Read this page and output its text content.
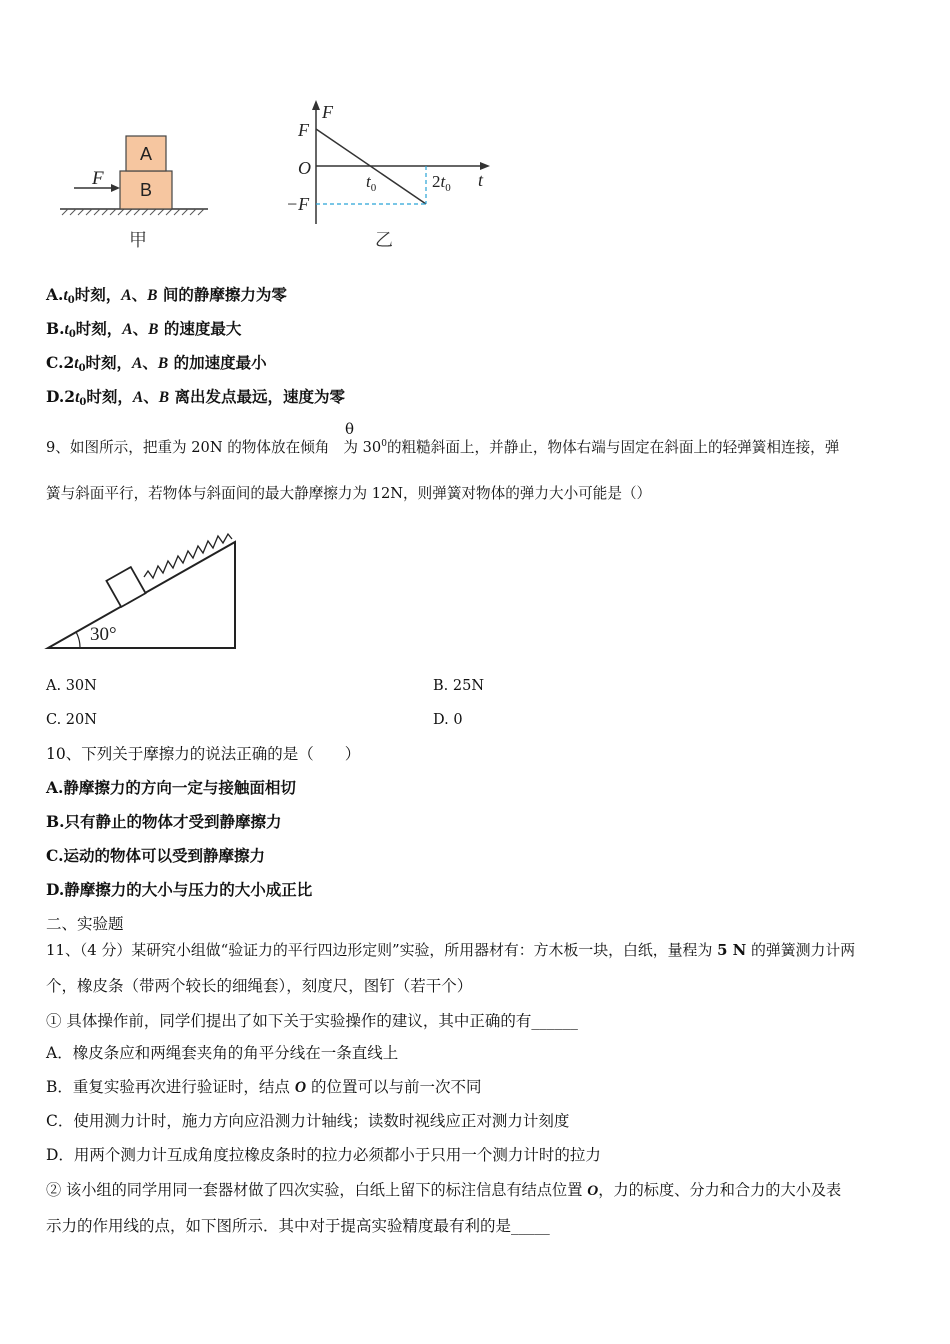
A
B
F
甲
F
F
O
−F
$t_0$	$2t_0$ t
乙
$A.t_0$时刻，A、B 间的静摩擦力为零
$B.t_0$时刻，A、B 的速度最大
$C.2t_0$时刻，A、B 的加速度最小
$D.2t_0$时刻，A、B 离出发点最远，速度为零
θ
9、如图所示，把重为 20N 的物体放在倾角 为 $30^0$的粗糙斜面上，并静止，物体右端与固定在斜面上的轻弹簧相连接，弹
簧与斜面平行，若物体与斜面间的最大静摩擦力为 12N，则弹簧对物体的弹力大小可能是（）
30°
A. 30N	B. 25N
C. 20N	D. 0
10、下列关于摩擦力的说法正确的是（　　）
A.静摩擦力的方向一定与接触面相切
B.只有静止的物体才受到静摩擦力
C.运动的物体可以受到静摩擦力
D.静摩擦力的大小与压力的大小成正比
二、实验题
11、（4 分）某研究小组做“验证力的平行四边形定则”实验，所用器材有：方木板一块，白纸，量程为 5 N 的弹簧测力计两
个，橡皮条（带两个较长的细绳套），刻度尺，图钉（若干个）
① 具体操作前，同学们提出了如下关于实验操作的建议，其中正确的有______
A．橡皮条应和两绳套夹角的角平分线在一条直线上
B．重复实验再次进行验证时，结点 O 的位置可以与前一次不同
C．使用测力计时，施力方向应沿测力计轴线；读数时视线应正对测力计刻度
D．用两个测力计互成角度拉橡皮条时的拉力必须都小于只用一个测力计时的拉力
② 该小组的同学用同一套器材做了四次实验，白纸上留下的标注信息有结点位置 O，力的标度、分力和合力的大小及表
示力的作用线的点，如下图所示．其中对于提高实验精度最有利的是_____
